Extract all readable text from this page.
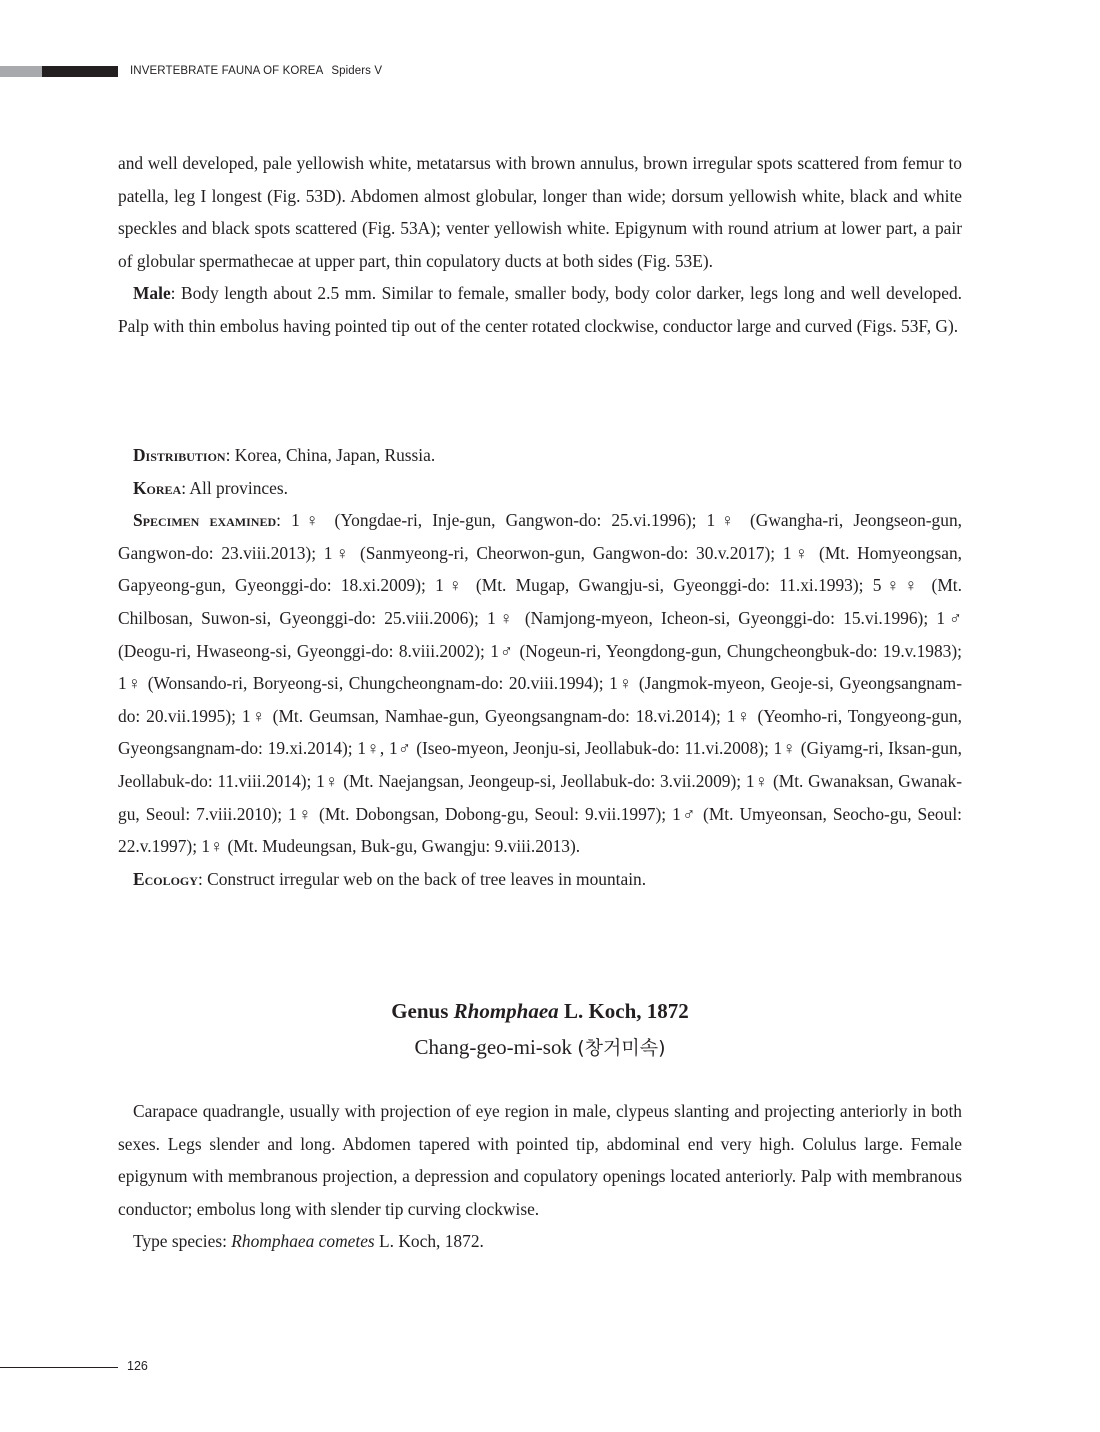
INVERTEBRATE FAUNA OF KOREA Spiders V

and well developed, pale yellowish white, metatarsus with brown annulus, brown irregular spots scattered from femur to patella, leg I longest (Fig. 53D). Abdomen almost globular, longer than wide; dorsum yellowish white, black and white speckles and black spots scattered (Fig. 53A); venter yellowish white. Epigynum with round atrium at lower part, a pair of globular spermathecae at upper part, thin copulatory ducts at both sides (Fig. 53E).

Male: Body length about 2.5 mm. Similar to female, smaller body, body color darker, legs long and well developed. Palp with thin embolus having pointed tip out of the center rotated clockwise, conductor large and curved (Figs. 53F, G).

Distribution: Korea, China, Japan, Russia.

Korea: All provinces.

Specimen examined: 1♀ (Yongdae-ri, Inje-gun, Gangwon-do: 25.vi.1996); 1♀ (Gwangha-ri, Jeongseon-gun, Gangwon-do: 23.viii.2013); 1♀ (Sanmyeong-ri, Cheorwon-gun, Gangwon-do: 30.v.2017); 1♀ (Mt. Homyeongsan, Gapyeong-gun, Gyeonggi-do: 18.xi.2009); 1♀ (Mt. Mugap, Gwangju-si, Gyeonggi-do: 11.xi.1993); 5♀♀ (Mt. Chilbosan, Suwon-si, Gyeonggi-do: 25.viii.2006); 1♀ (Namjong-myeon, Icheon-si, Gyeonggi-do: 15.vi.1996); 1♂ (Deogu-ri, Hwaseong-si, Gyeonggi-do: 8.viii.2002); 1♂ (Nogeun-ri, Yeongdong-gun, Chungcheongbuk-do: 19.v.1983); 1♀ (Wonsando-ri, Boryeong-si, Chungcheongnam-do: 20.viii.1994); 1♀ (Jangmok-myeon, Geoje-si, Gyeongsangnam-do: 20.vii.1995); 1♀ (Mt. Geumsan, Namhae-gun, Gyeongsangnam-do: 18.vi.2014); 1♀ (Yeomho-ri, Tongyeong-gun, Gyeongsangnam-do: 19.xi.2014); 1♀, 1♂ (Iseo-myeon, Jeonju-si, Jeollabuk-do: 11.vi.2008); 1♀ (Giyamg-ri, Iksan-gun, Jeollabuk-do: 11.viii.2014); 1♀ (Mt. Naejangsan, Jeongeup-si, Jeollabuk-do: 3.vii.2009); 1♀ (Mt. Gwanaksan, Gwanak-gu, Seoul: 7.viii.2010); 1♀ (Mt. Dobongsan, Dobong-gu, Seoul: 9.vii.1997); 1♂ (Mt. Umyeonsan, Seocho-gu, Seoul: 22.v.1997); 1♀ (Mt. Mudeungsan, Buk-gu, Gwangju: 9.viii.2013).

Ecology: Construct irregular web on the back of tree leaves in mountain.

Genus Rhomphaea L. Koch, 1872
Chang-geo-mi-sok (창거미속)

Carapace quadrangle, usually with projection of eye region in male, clypeus slanting and projecting anteriorly in both sexes. Legs slender and long. Abdomen tapered with pointed tip, abdominal end very high. Colulus large. Female epigynum with membranous projection, a depression and copulatory openings located anteriorly. Palp with membranous conductor; embolus long with slender tip curving clockwise.

Type species: Rhomphaea cometes L. Koch, 1872.

126
